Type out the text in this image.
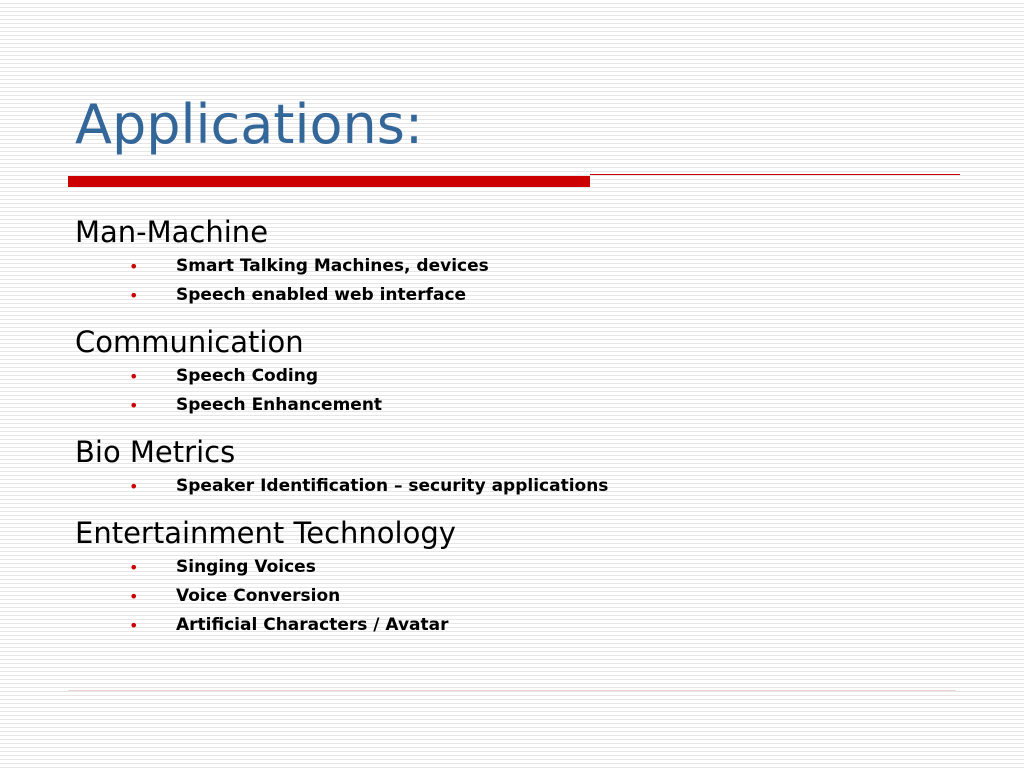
Applications:
Man-Machine
• Smart Talking Machines, devices
• Speech enabled web interface
Communication
• Speech Coding
• Speech Enhancement
Bio Metrics
• Speaker Identification – security applications
Entertainment Technology
• Singing Voices
• Voice Conversion
• Artificial Characters / Avatar
